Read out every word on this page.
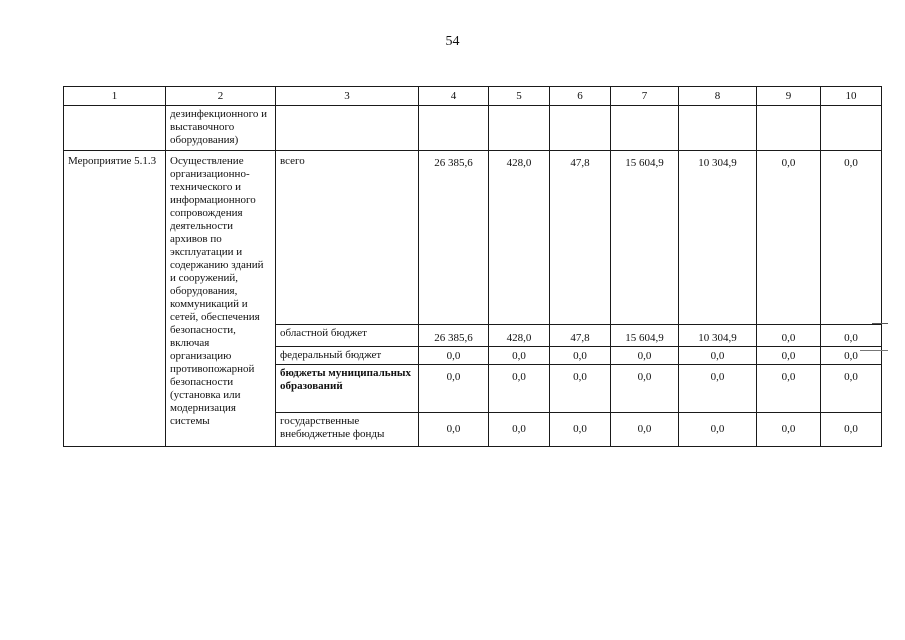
54
1	2	3	4	5	6	7	8	9	10
	дезинфекционного и выставочного оборудования)								
Мероприятие 5.1.3	Осуществление организационно-технического и информационного сопровождения деятельности архивов по эксплуатации и содержанию зданий и сооружений, оборудования, коммуникаций и сетей, обеспечения безопасности, включая организацию противопожарной безопасности (установка или модернизация системы	всего	26 385,6	428,0	47,8	15 604,9	10 304,9	0,0	0,0
		областной бюджет	26 385,6	428,0	47,8	15 604,9	10 304,9	0,0	0,0
		федеральный бюджет	0,0	0,0	0,0	0,0	0,0	0,0	0,0
		бюджеты муниципальных образований	0,0	0,0	0,0	0,0	0,0	0,0	0,0
		государственные внебюджетные фонды	0,0	0,0	0,0	0,0	0,0	0,0	0,0
